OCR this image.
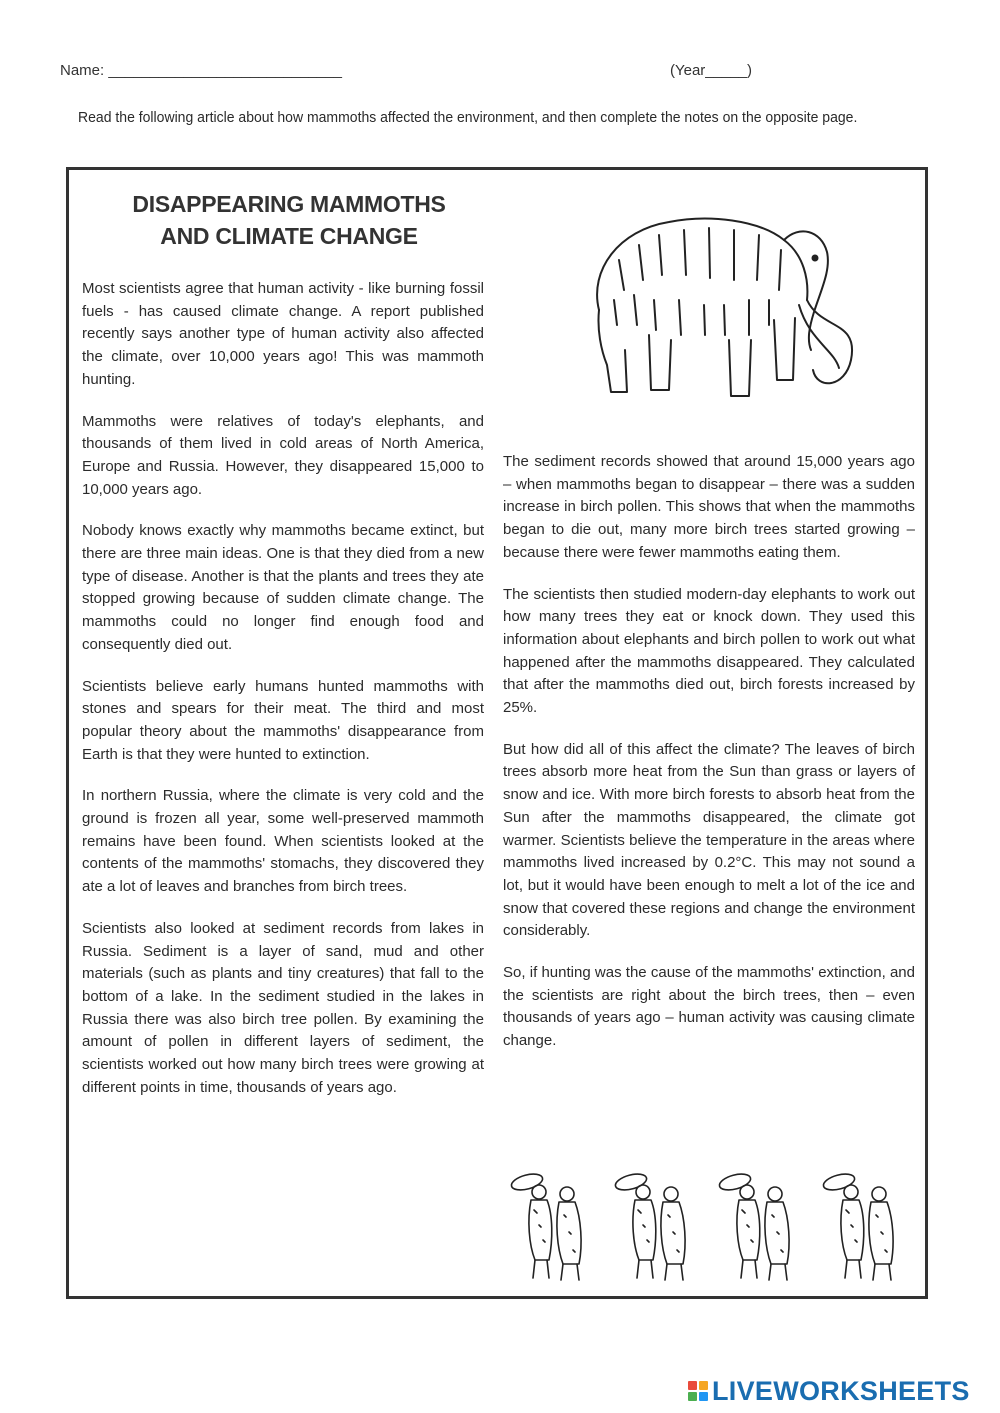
Name: ____________________________	(Year_____)
Read the following article about how mammoths affected the environment, and then complete the notes on the opposite page.
DISAPPEARING MAMMOTHS
AND CLIMATE CHANGE

Most scientists agree that human activity - like burning fossil fuels - has caused climate change. A report published recently says another type of human activity also affected the climate, over 10,000 years ago! This was mammoth hunting.

Mammoths were relatives of today's elephants, and thousands of them lived in cold areas of North America, Europe and Russia. However, they disappeared 15,000 to 10,000 years ago.

Nobody knows exactly why mammoths became extinct, but there are three main ideas. One is that they died from a new type of disease. Another is that the plants and trees they ate stopped growing because of sudden climate change. The mammoths could no longer find enough food and consequently died out.

Scientists believe early humans hunted mammoths with stones and spears for their meat. The third and most popular theory about the mammoths' disappearance from Earth is that they were hunted to extinction.

In northern Russia, where the climate is very cold and the ground is frozen all year, some well-preserved mammoth remains have been found. When scientists looked at the contents of the mammoths' stomachs, they discovered they ate a lot of leaves and branches from birch trees.

Scientists also looked at sediment records from lakes in Russia. Sediment is a layer of sand, mud and other materials (such as plants and tiny creatures) that fall to the bottom of a lake. In the sediment studied in the lakes in Russia there was also birch tree pollen. By examining the amount of pollen in different layers of sediment, the scientists worked out how many birch trees were growing at different points in time, thousands of years ago.

The sediment records showed that around 15,000 years ago – when mammoths began to disappear – there was a sudden increase in birch pollen. This shows that when the mammoths began to die out, many more birch trees started growing – because there were fewer mammoths eating them.

The scientists then studied modern-day elephants to work out how many trees they eat or knock down. They used this information about elephants and birch pollen to work out what happened after the mammoths disappeared. They calculated that after the mammoths died out, birch forests increased by 25%.

But how did all of this affect the climate? The leaves of birch trees absorb more heat from the Sun than grass or layers of snow and ice. With more birch forests to absorb heat from the Sun after the mammoths disappeared, the climate got warmer. Scientists believe the temperature in the areas where mammoths lived increased by 0.2°C. This may not sound a lot, but it would have been enough to melt a lot of the ice and snow that covered these regions and change the environment considerably.

So, if hunting was the cause of the mammoths' extinction, and the scientists are right about the birch trees, then – even thousands of years ago – human activity was causing climate change.

LIVEWORKSHEETS
